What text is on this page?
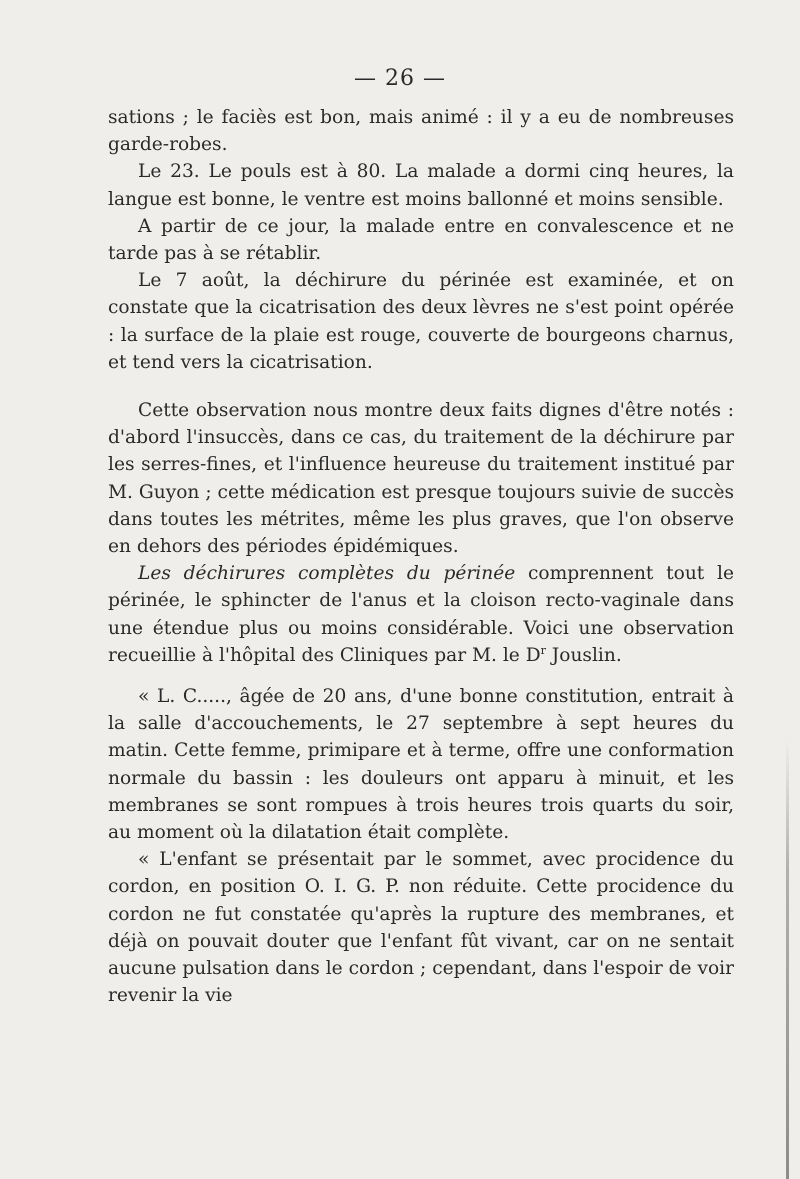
— 26 —

sations ; le faciès est bon, mais animé : il y a eu de nombreuses garde-robes.

Le 23. Le pouls est à 80. La malade a dormi cinq heures, la langue est bonne, le ventre est moins ballonné et moins sensible.

A partir de ce jour, la malade entre en convalescence et ne tarde pas à se rétablir.

Le 7 août, la déchirure du périnée est examinée, et on constate que la cicatrisation des deux lèvres ne s'est point opérée : la surface de la plaie est rouge, couverte de bourgeons charnus, et tend vers la cicatrisation.

Cette observation nous montre deux faits dignes d'être notés : d'abord l'insuccès, dans ce cas, du traitement de la déchirure par les serres-fines, et l'influence heureuse du traitement institué par M. Guyon ; cette médication est presque toujours suivie de succès dans toutes les métrites, même les plus graves, que l'on observe en dehors des périodes épidémiques.

Les déchirures complètes du périnée comprennent tout le périnée, le sphincter de l'anus et la cloison recto-vaginale dans une étendue plus ou moins considérable. Voici une observation recueillie à l'hôpital des Cliniques par M. le $D^r$ Jouslin.

« L. C....., âgée de 20 ans, d'une bonne constitution, entrait à la salle d'accouchements, le 27 septembre à sept heures du matin. Cette femme, primipare et à terme, offre une conformation normale du bassin : les douleurs ont apparu à minuit, et les membranes se sont rompues à trois heures trois quarts du soir, au moment où la dilatation était complète.

« L'enfant se présentait par le sommet, avec procidence du cordon, en position O. I. G. P. non réduite. Cette procidence du cordon ne fut constatée qu'après la rupture des membranes, et déjà on pouvait douter que l'enfant fût vivant, car on ne sentait aucune pulsation dans le cordon ; cependant, dans l'espoir de voir revenir la vie
